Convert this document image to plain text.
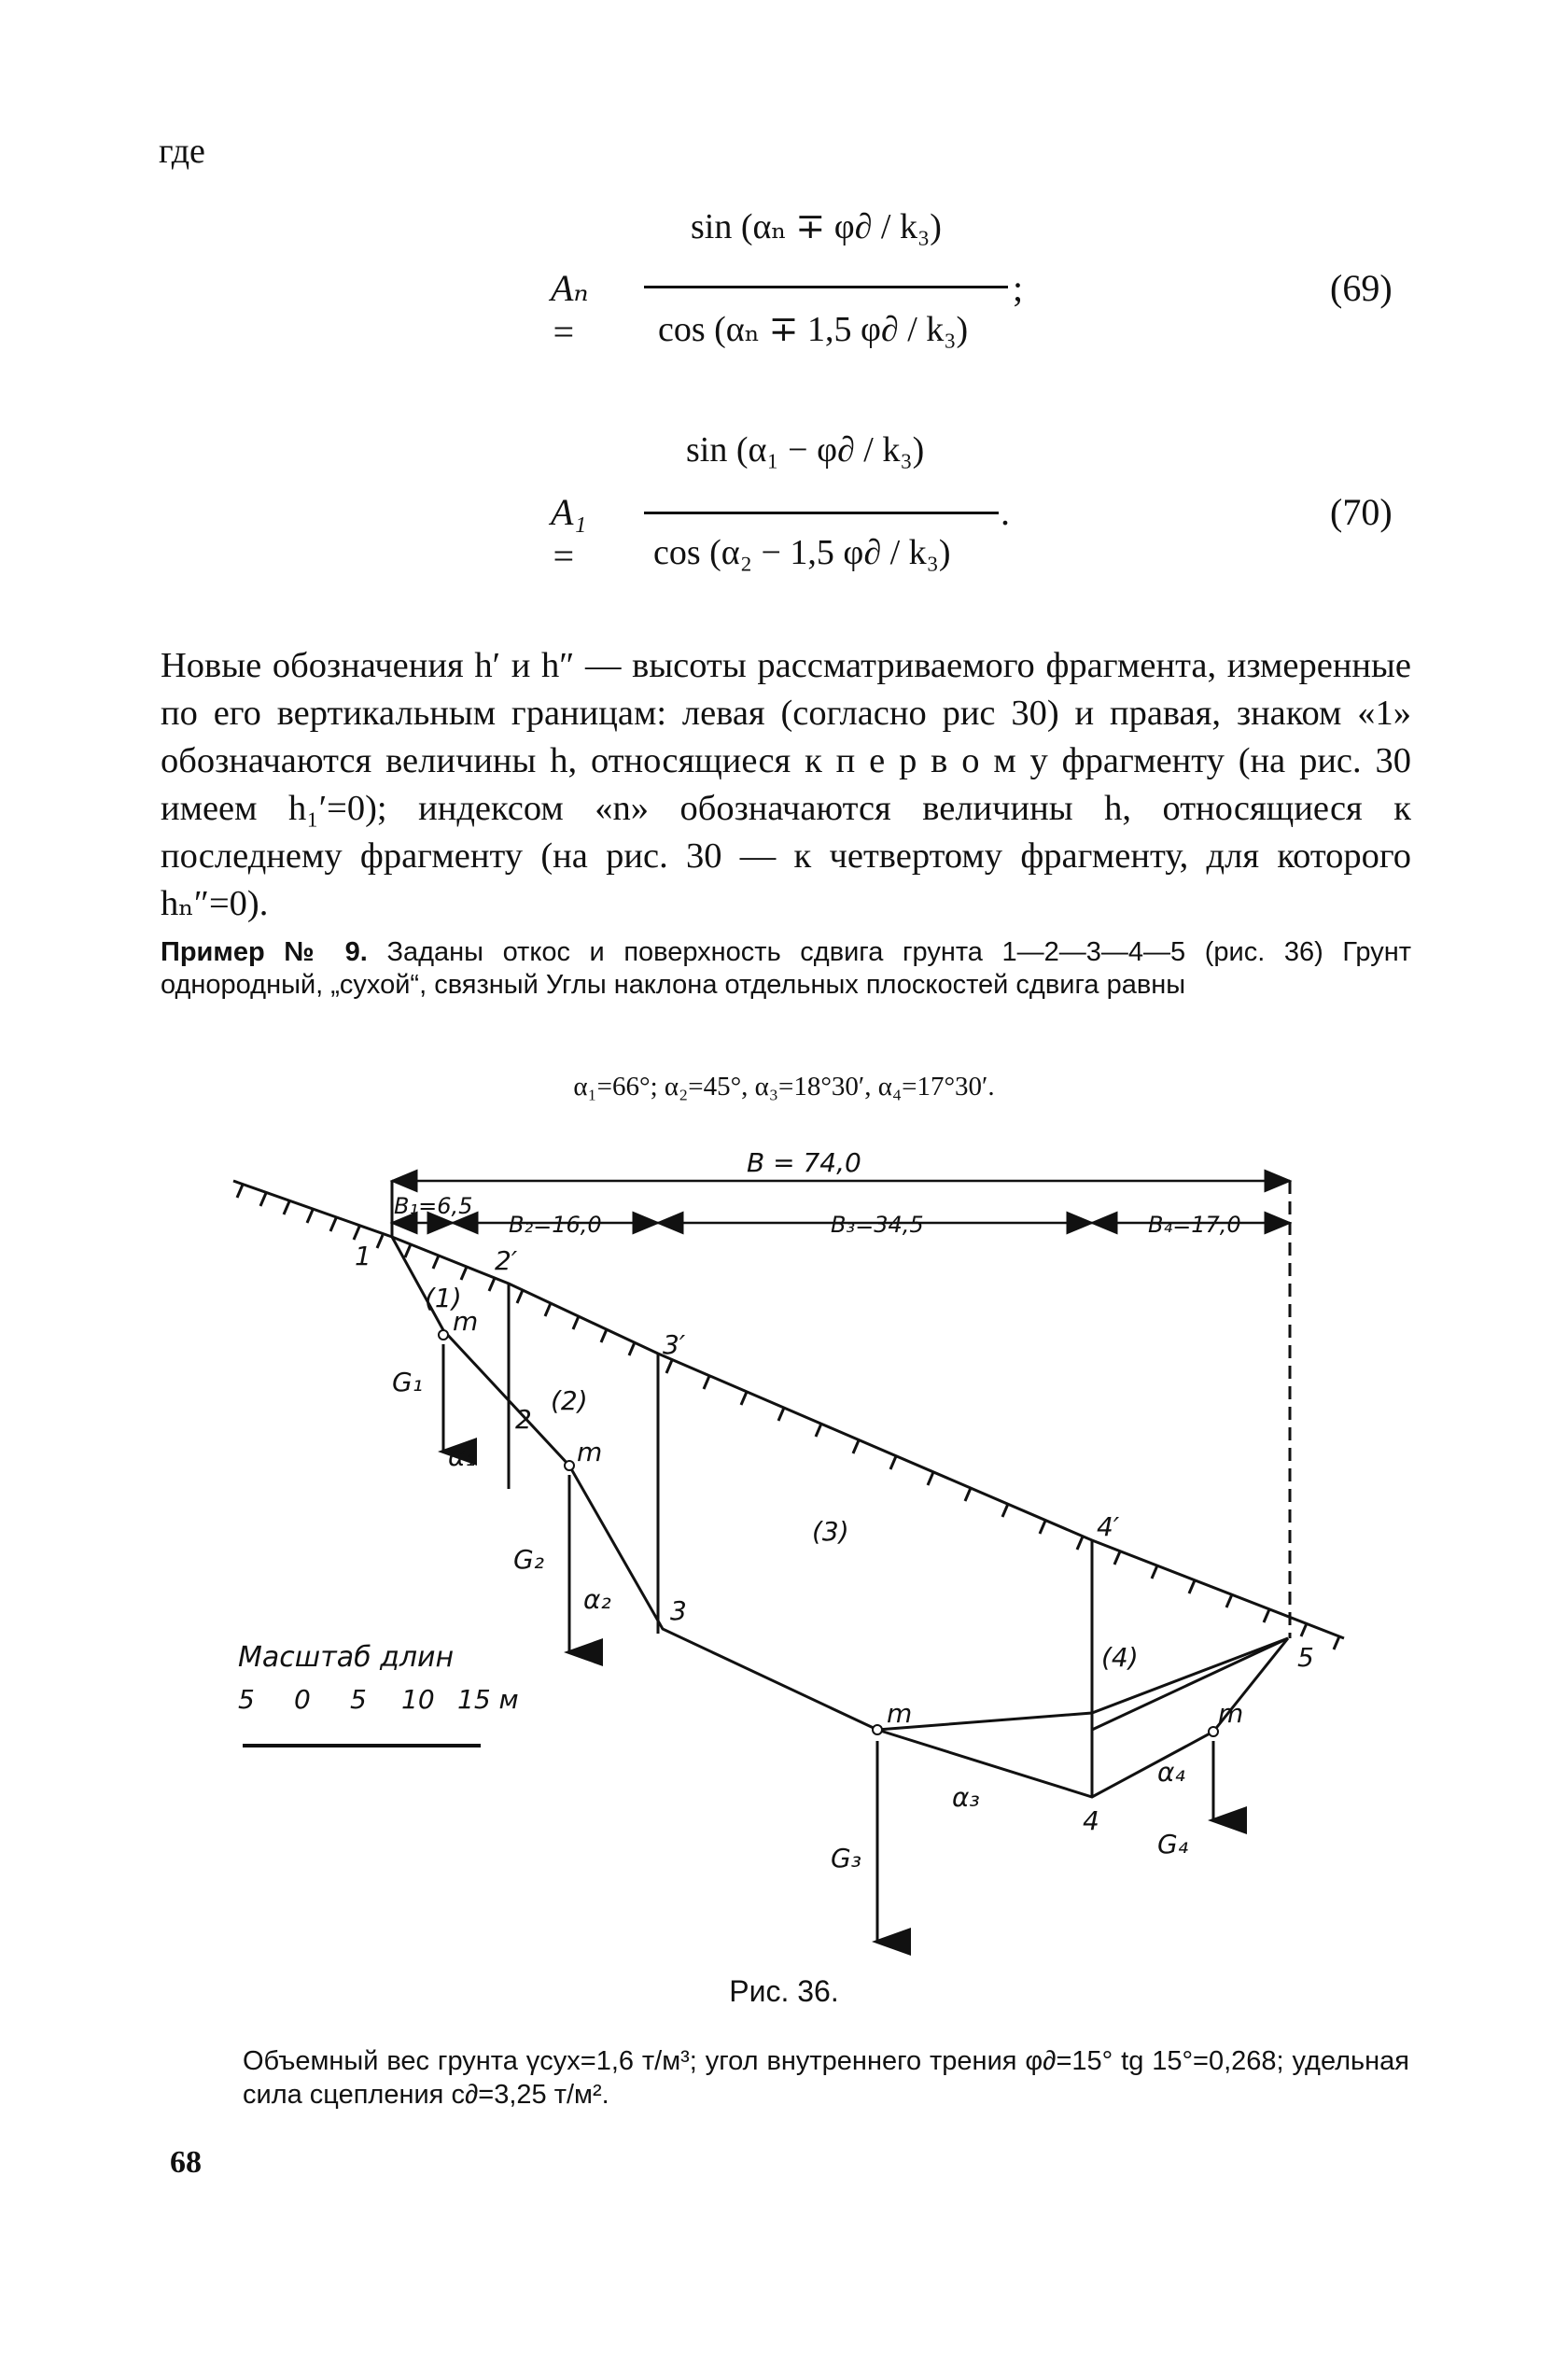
где
Aₙ =
sin (αₙ ∓ φ∂ / k₃)
cos (αₙ ∓ 1,5 φ∂ / k₃)
;	(69)
A₁ =
sin (α₁ − φ∂ / k₃)
cos (α₂ − 1,5 φ∂ / k₃)
.	(70)
Новые обозначения h′ и h″ — высоты рассматриваемого фрагмента, измеренные по его вертикальным границам: левая (согласно рис 30) и правая, знаком «1» обозначаются величины h, относящиеся к п е р в о м у фрагменту (на рис. 30 имеем h₁′=0); индексом «n» обозначаются величины h, относящиеся к последнему фрагменту (на рис. 30 — к четвертому фрагменту, для которого hₙ″=0).
Пример № 9. Заданы откос и поверхность сдвига грунта 1—2—3—4—5 (рис. 36) Грунт однородный, „сухой“, связный Углы наклона отдельных плоскостей сдвига равны
α₁=66°; α₂=45°, α₃=18°30′, α₄=17°30′.
B = 74,0
B₁=6,5
B₂=16,0	B₃=34,5	B₄=17,0
1
2
3
4
5
2′
3′
4′
(1)
(2)
(3)
(4)
G₁
G₂
G₃	G₄
α₁
α₂
α₃
α₄
m
m
m	m
Масштаб длин
5 0 5 10 15 м
Рис. 36.
Объемный вес грунта γсух=1,6 т/м³; угол внутреннего трения φ∂=15° tg 15°=0,268; удельная сила сцепления c∂=3,25 т/м².
68
